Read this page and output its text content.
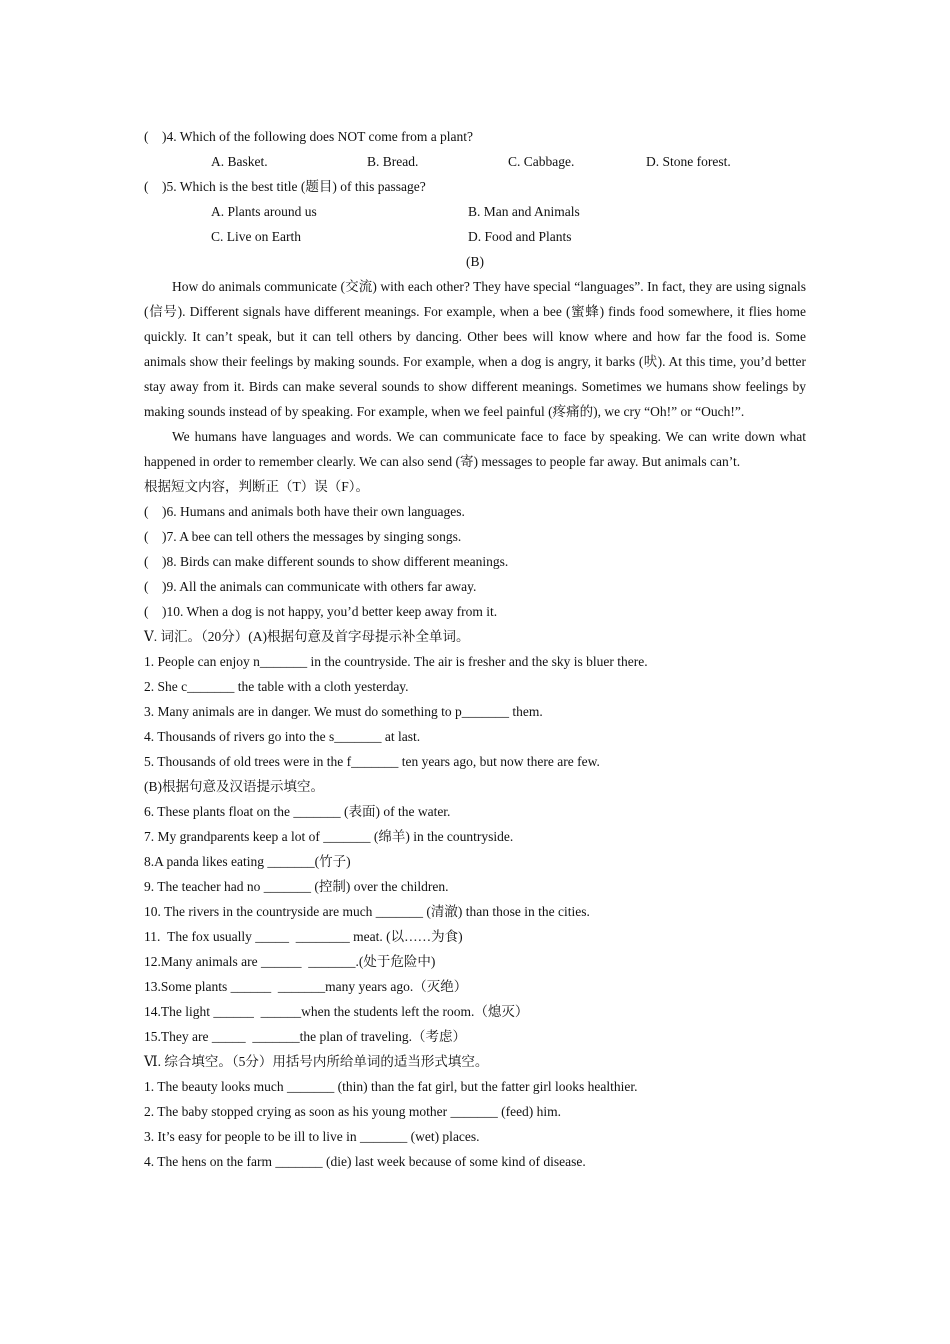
(    )4. Which of the following does NOT come from a plant?
A. Basket.	B. Bread.	C. Cabbage.	D. Stone forest.
(    )5. Which is the best title (题目) of this passage?
A. Plants around us	B. Man and Animals
C. Live on Earth	D. Food and Plants
(B)
How do animals communicate (交流) with each other? They have special “languages”. In fact, they are using signals (信号). Different signals have different meanings. For example, when a bee (蜜蜂) finds food somewhere, it flies home quickly. It can’t speak, but it can tell others by dancing. Other bees will know where and how far the food is. Some animals show their feelings by making sounds. For example, when a dog is angry, it barks (吠). At this time, you’d better stay away from it. Birds can make several sounds to show different meanings. Sometimes we humans show feelings by making sounds instead of by speaking. For example, when we feel painful (疼痛的), we cry “Oh!” or “Ouch!”.
We humans have languages and words. We can communicate face to face by speaking. We can write down what happened in order to remember clearly. We can also send (寄) messages to people far away. But animals can’t.
根据短文内容，判断正（T）误（F）。
(    )6. Humans and animals both have their own languages.
(    )7. A bee can tell others the messages by singing songs.
(    )8. Birds can make different sounds to show different meanings.
(    )9. All the animals can communicate with others far away.
(    )10. When a dog is not happy, you’d better keep away from it.
Ⅴ. 词汇。（20分）(A)根据句意及首字母提示补全单词。
1. People can enjoy n_______ in the countryside. The air is fresher and the sky is bluer there.
2. She c_______ the table with a cloth yesterday.
3. Many animals are in danger. We must do something to p_______ them.
4. Thousands of rivers go into the s_______ at last.
5. Thousands of old trees were in the f_______ ten years ago, but now there are few.
(B)根据句意及汉语提示填空。
6. These plants float on the _______ (表面) of the water.
7. My grandparents keep a lot of _______ (绵羊) in the countryside.
8.A panda likes eating _______(竹子)
9. The teacher had no _______ (控制) over the children.
10. The rivers in the countryside are much _______ (清澈) than those in the cities.
11.  The fox usually _____  ________ meat. (以……为食)
12.Many animals are ______  _______.(处于危险中)
13.Some plants ______  _______many years ago.（灭绝）
14.The light ______  ______when the students left the room.（熄灭）
15.They are _____  _______the plan of traveling.（考虑）
Ⅵ. 综合填空。（5分）用括号内所给单词的适当形式填空。
1. The beauty looks much _______ (thin) than the fat girl, but the fatter girl looks healthier.
2. The baby stopped crying as soon as his young mother _______ (feed) him.
3. It’s easy for people to be ill to live in _______ (wet) places.
4. The hens on the farm _______ (die) last week because of some kind of disease.
